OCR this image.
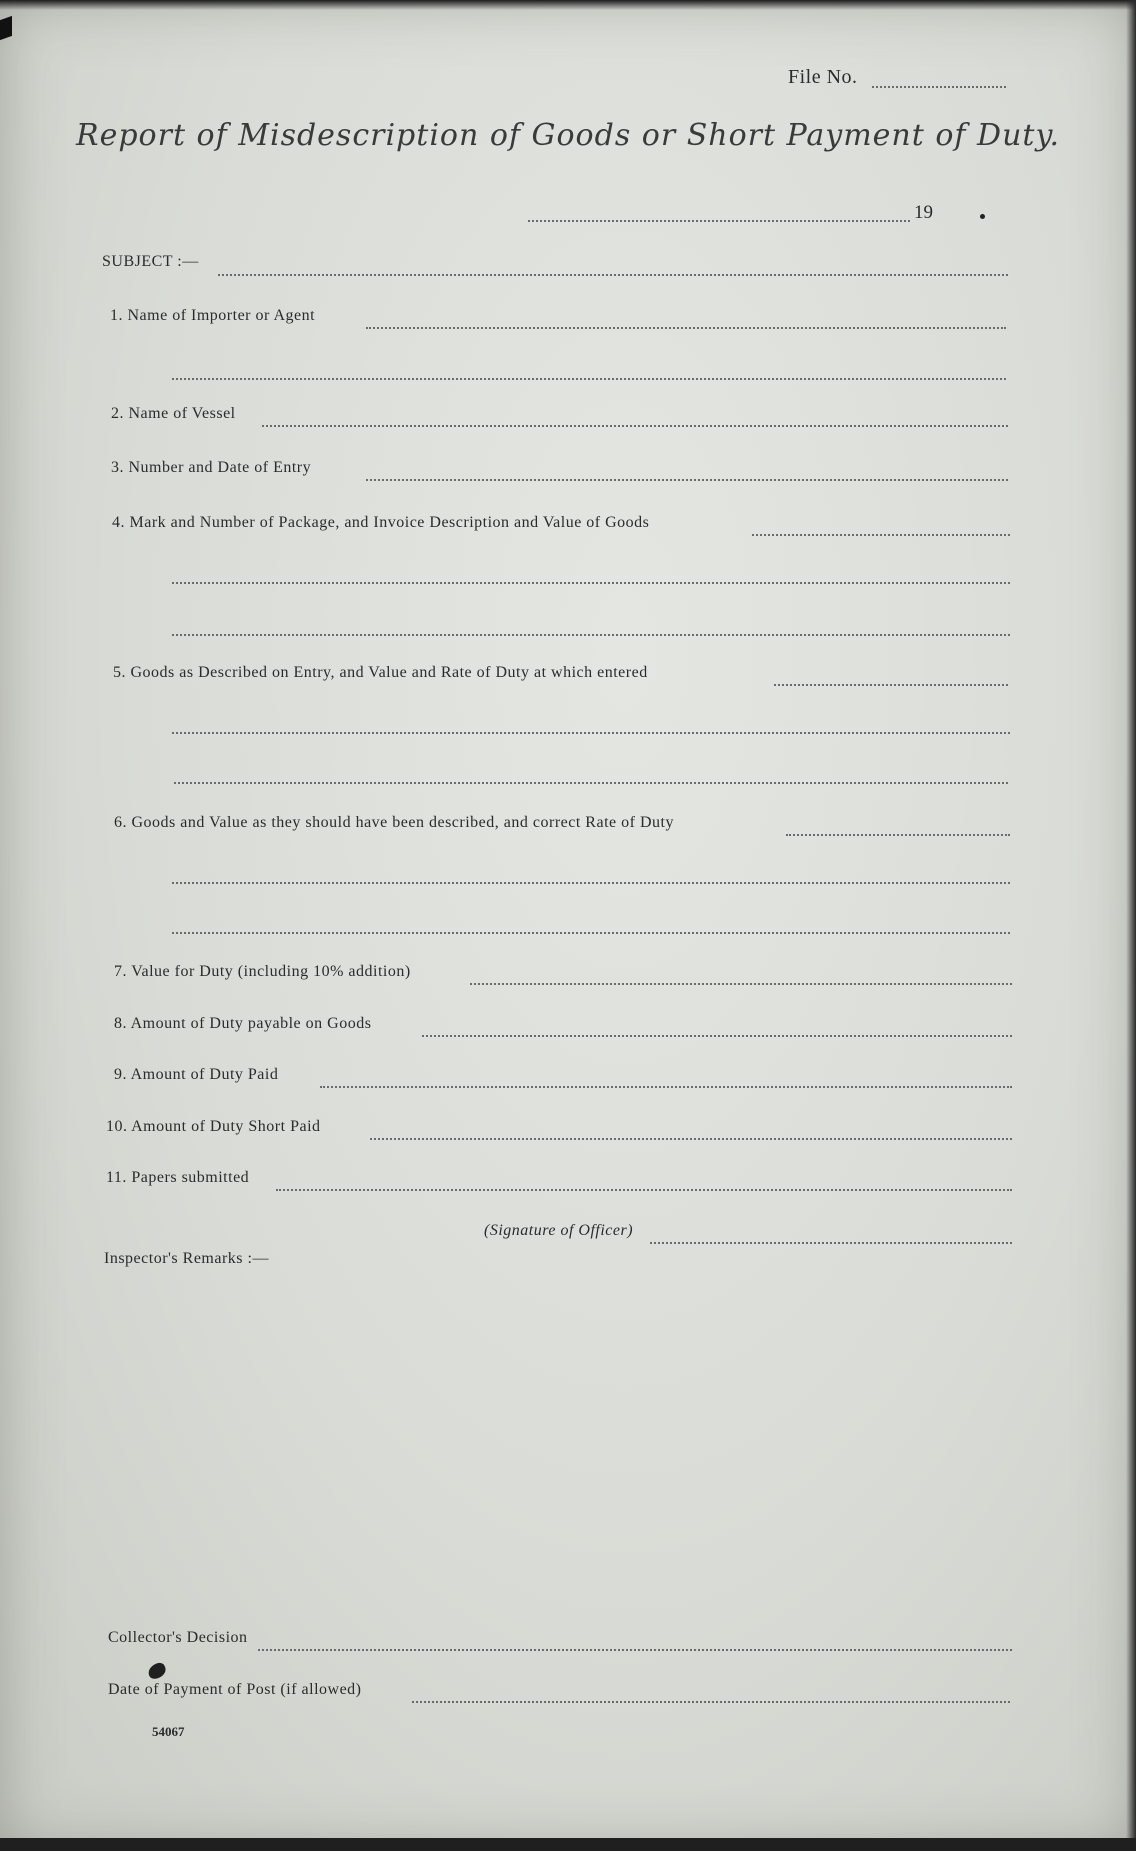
File No.
Report of Misdescription of Goods or Short Payment of Duty.
19
SUBJECT :—
1. Name of Importer or Agent
2. Name of Vessel
3. Number and Date of Entry
4. Mark and Number of Package, and Invoice Description and Value of Goods
5. Goods as Described on Entry, and Value and Rate of Duty at which entered
6. Goods and Value as they should have been described, and correct Rate of Duty
7. Value for Duty (including 10% addition)
8. Amount of Duty payable on Goods
9. Amount of Duty Paid
10. Amount of Duty Short Paid
11. Papers submitted
(Signature of Officer)
Inspector's Remarks :—
Collector's Decision
Date of Payment of Post (if allowed)
54067
